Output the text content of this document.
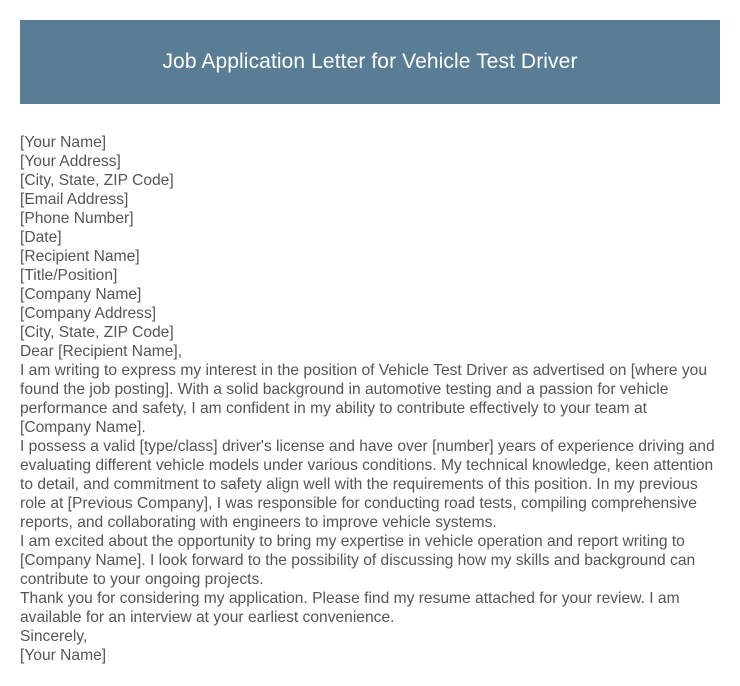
Job Application Letter for Vehicle Test Driver

[Your Name]

[Your Address]

[City, State, ZIP Code]

[Email Address]

[Phone Number]

[Date]

[Recipient Name]

[Title/Position]

[Company Name]

[Company Address]

[City, State, ZIP Code]

Dear [Recipient Name],

I am writing to express my interest in the position of Vehicle Test Driver as advertised on [where you found the job posting]. With a solid background in automotive testing and a passion for vehicle performance and safety, I am confident in my ability to contribute effectively to your team at [Company Name].

I possess a valid [type/class] driver's license and have over [number] years of experience driving and evaluating different vehicle models under various conditions. My technical knowledge, keen attention to detail, and commitment to safety align well with the requirements of this position. In my previous role at [Previous Company], I was responsible for conducting road tests, compiling comprehensive reports, and collaborating with engineers to improve vehicle systems.

I am excited about the opportunity to bring my expertise in vehicle operation and report writing to [Company Name]. I look forward to the possibility of discussing how my skills and background can contribute to your ongoing projects.

Thank you for considering my application. Please find my resume attached for your review. I am available for an interview at your earliest convenience.

Sincerely,

[Your Name]
